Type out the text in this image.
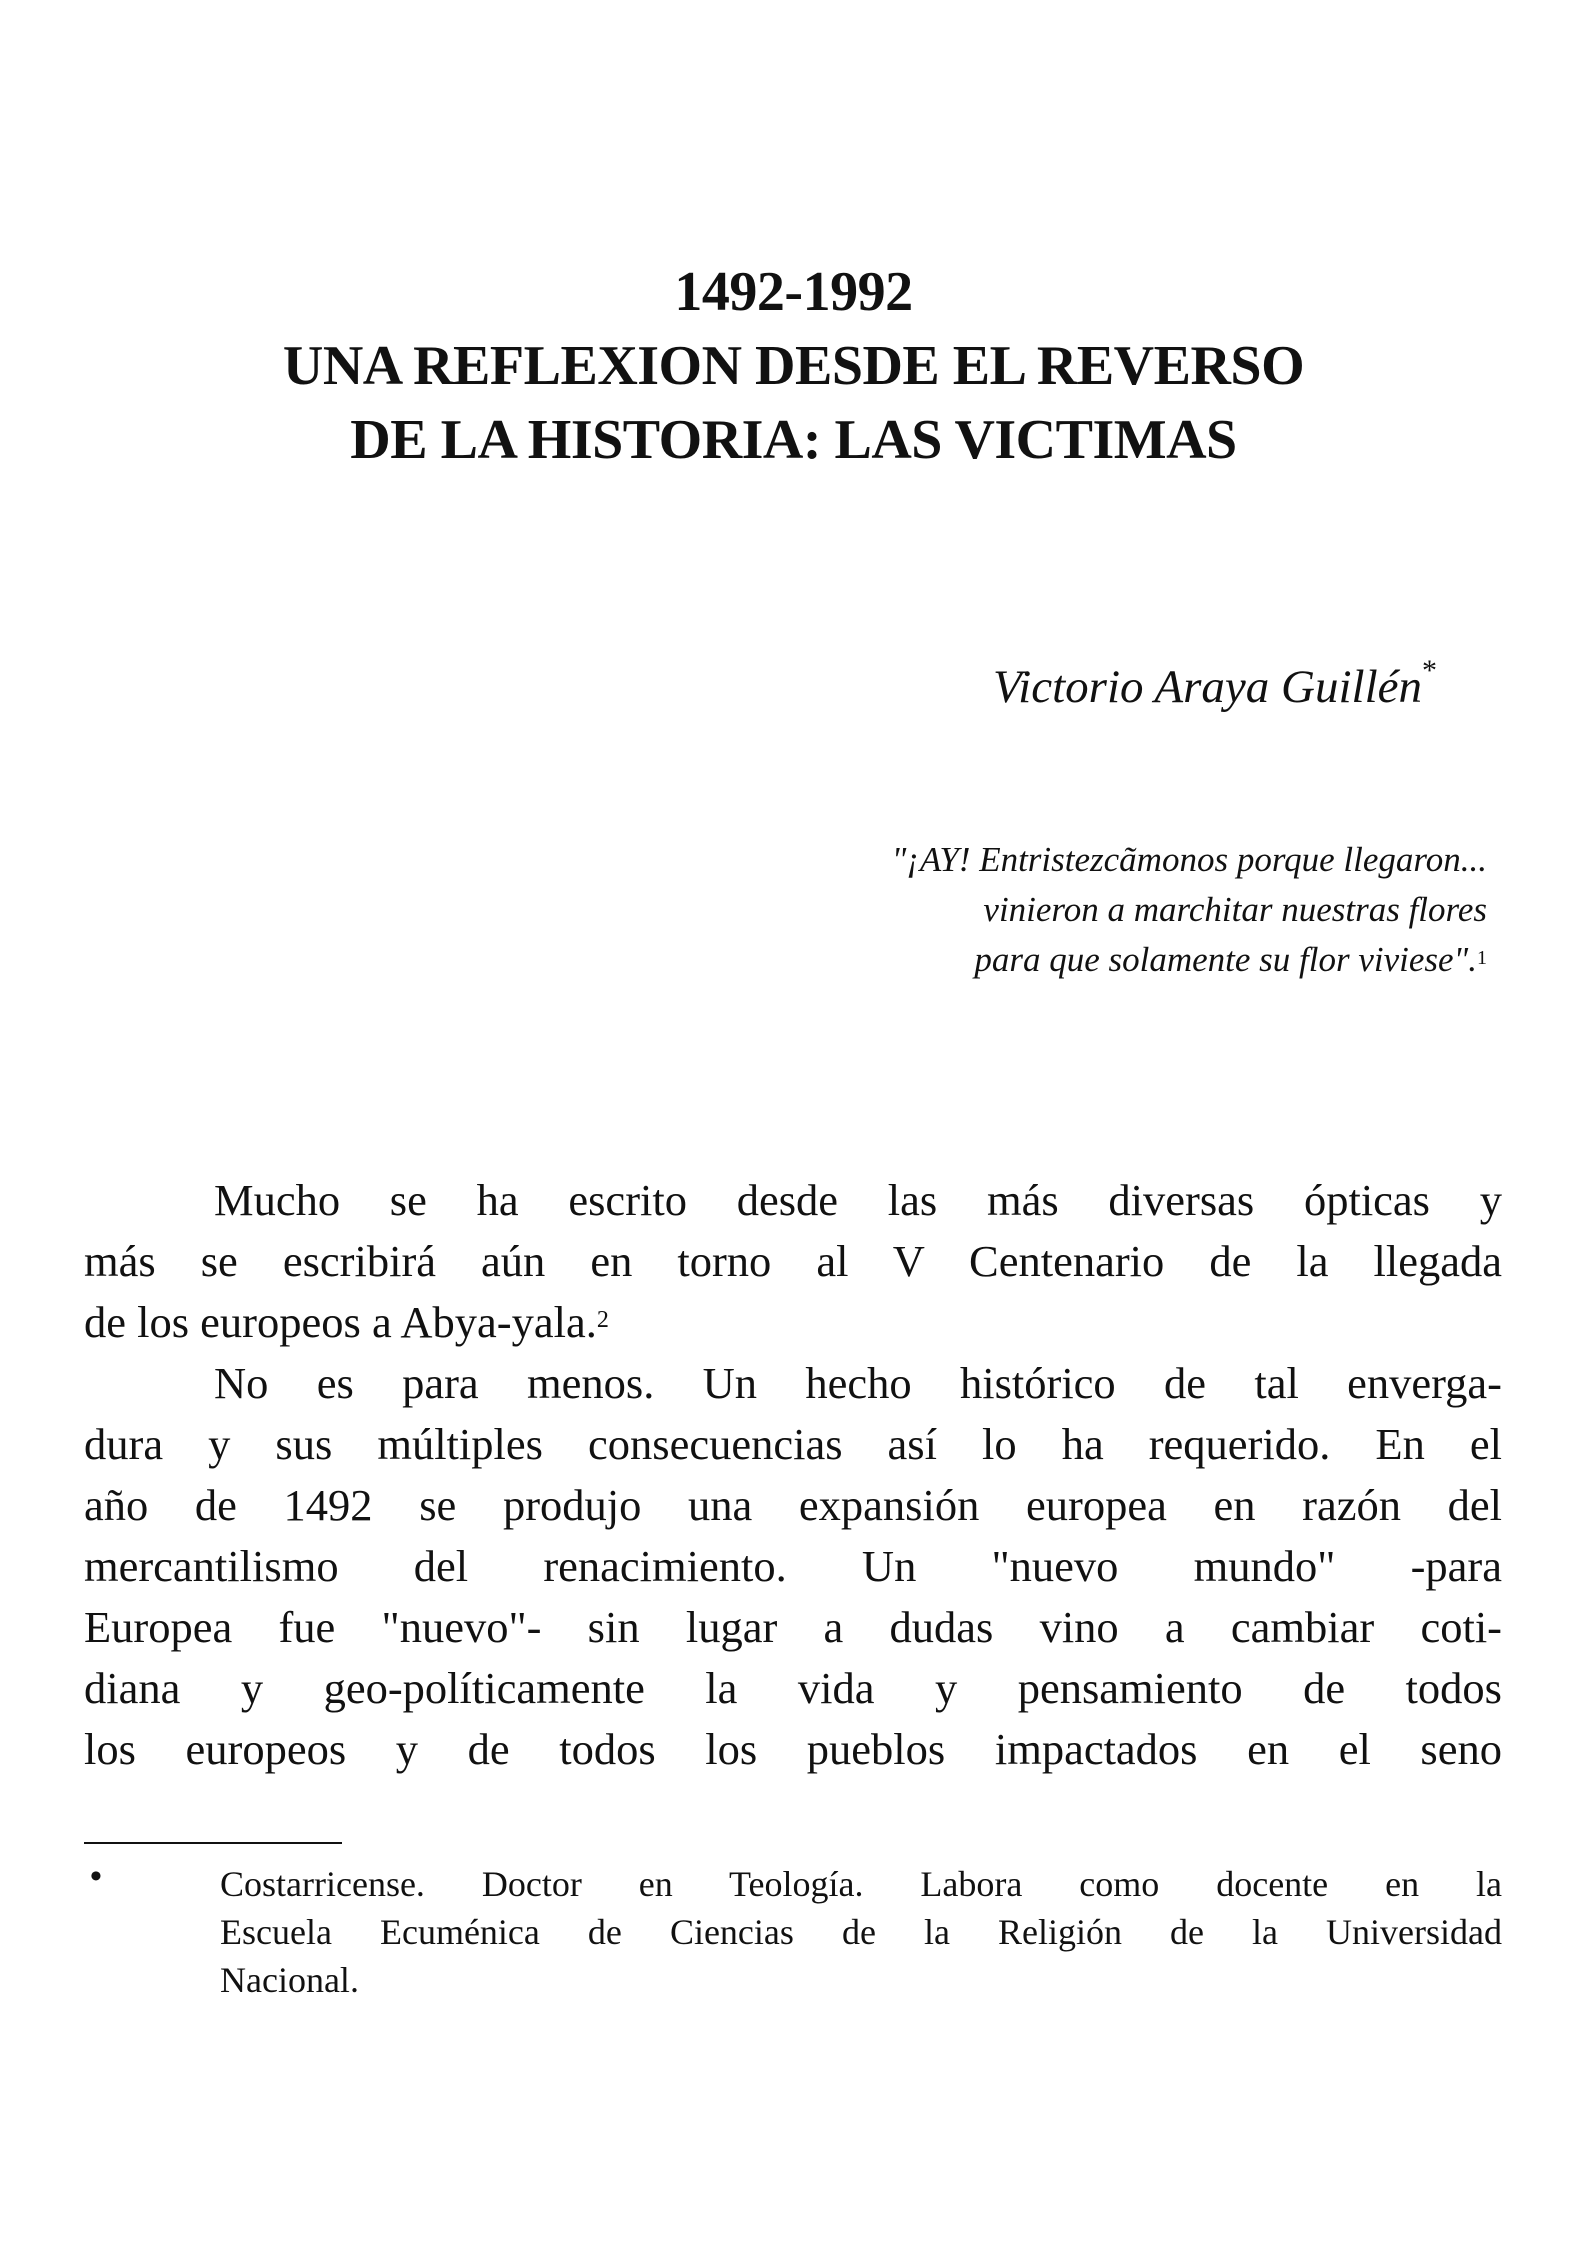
1492-1992
UNA REFLEXION DESDE EL REVERSO
DE LA HISTORIA: LAS VICTIMAS
Victorio Araya Guillén*
"¡AY! Entristezcãmonos porque llegaron...
vinieron a marchitar nuestras flores
para que solamente su flor viviese".$^1$
Mucho se ha escrito desde las más diversas ópticas y
más se escribirá aún en torno al V Centenario de la llegada
de los europeos a Abya-yala.$^2$
No es para menos. Un hecho histórico de tal enverga-
dura y sus múltiples consecuencias así lo ha requerido. En el
año de 1492 se produjo una expansión europea en razón del
mercantilismo del renacimiento. Un "nuevo mundo" -para
Europea fue "nuevo"- sin lugar a dudas vino a cambiar coti-
diana y geo-políticamente la vida y pensamiento de todos
los europeos y de todos los pueblos impactados en el seno
•	Costarricense. Doctor en Teología. Labora como docente en la
Escuela Ecuménica de Ciencias de la Religión de la Universidad
Nacional.
